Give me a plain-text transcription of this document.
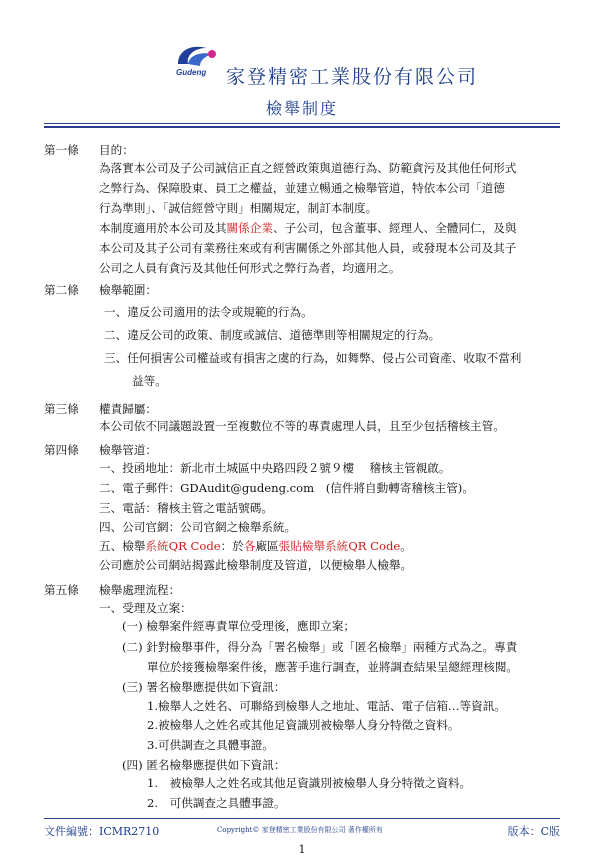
Gudeng 家登精密工業股份有限公司
檢舉制度
第一條 目的：
為落實本公司及子公司誠信正直之經營政策與道德行為、防範貪污及其他任何形式
之弊行為、保障股東、員工之權益，並建立暢通之檢舉管道，特依本公司「道德
行為準則」、「誠信經營守則」相關規定，制訂本制度。
本制度適用於本公司及其關係企業、子公司，包含董事、經理人、全體同仁，及與
本公司及其子公司有業務往來或有利害關係之外部其他人員，或發現本公司及其子
公司之人員有貪污及其他任何形式之弊行為者，均適用之。
第二條 檢舉範圍：
一、違反公司適用的法令或規範的行為。
二、違反公司的政策、制度或誠信、道德準則等相關規定的行為。
三、任何損害公司權益或有損害之虞的行為，如舞弊、侵占公司資產、收取不當利
益等。
第三條 權責歸屬：
本公司依不同議題設置一至複數位不等的專責處理人員，且至少包括稽核主管。
第四條 檢舉管道：
一、投函地址：新北市土城區中央路四段２號９樓　 稽核主管親啟。
二、電子郵件：GDAudit@gudeng.com　(信件將自動轉寄稽核主管)。
三、電話：稽核主管之電話號碼。
四、公司官網：公司官網之檢舉系統。
五、檢舉系統QR Code：於各廠區張貼檢舉系統QR Code。
公司應於公司網站揭露此檢舉制度及管道，以便檢舉人檢舉。
第五條 檢舉處理流程：
一、受理及立案：
(一) 檢舉案件經專責單位受理後，應即立案；
(二) 針對檢舉事件，得分為「署名檢舉」或「匿名檢舉」兩種方式為之。專責
單位於接獲檢舉案件後，應著手進行調查，並將調查結果呈總經理核閱。
(三) 署名檢舉應提供如下資訊：
1.檢舉人之姓名、可聯絡到檢舉人之地址、電話、電子信箱…等資訊。
2.被檢舉人之姓名或其他足資識別被檢舉人身分特徵之資料。
3.可供調查之具體事證。
(四) 匿名檢舉應提供如下資訊：
1.　被檢舉人之姓名或其他足資識別被檢舉人身分特徵之資料。
2.　可供調查之具體事證。
文件編號：ICMR2710	Copyright© 家登精密工業股份有限公司 著作權所有	版本：C版
1
